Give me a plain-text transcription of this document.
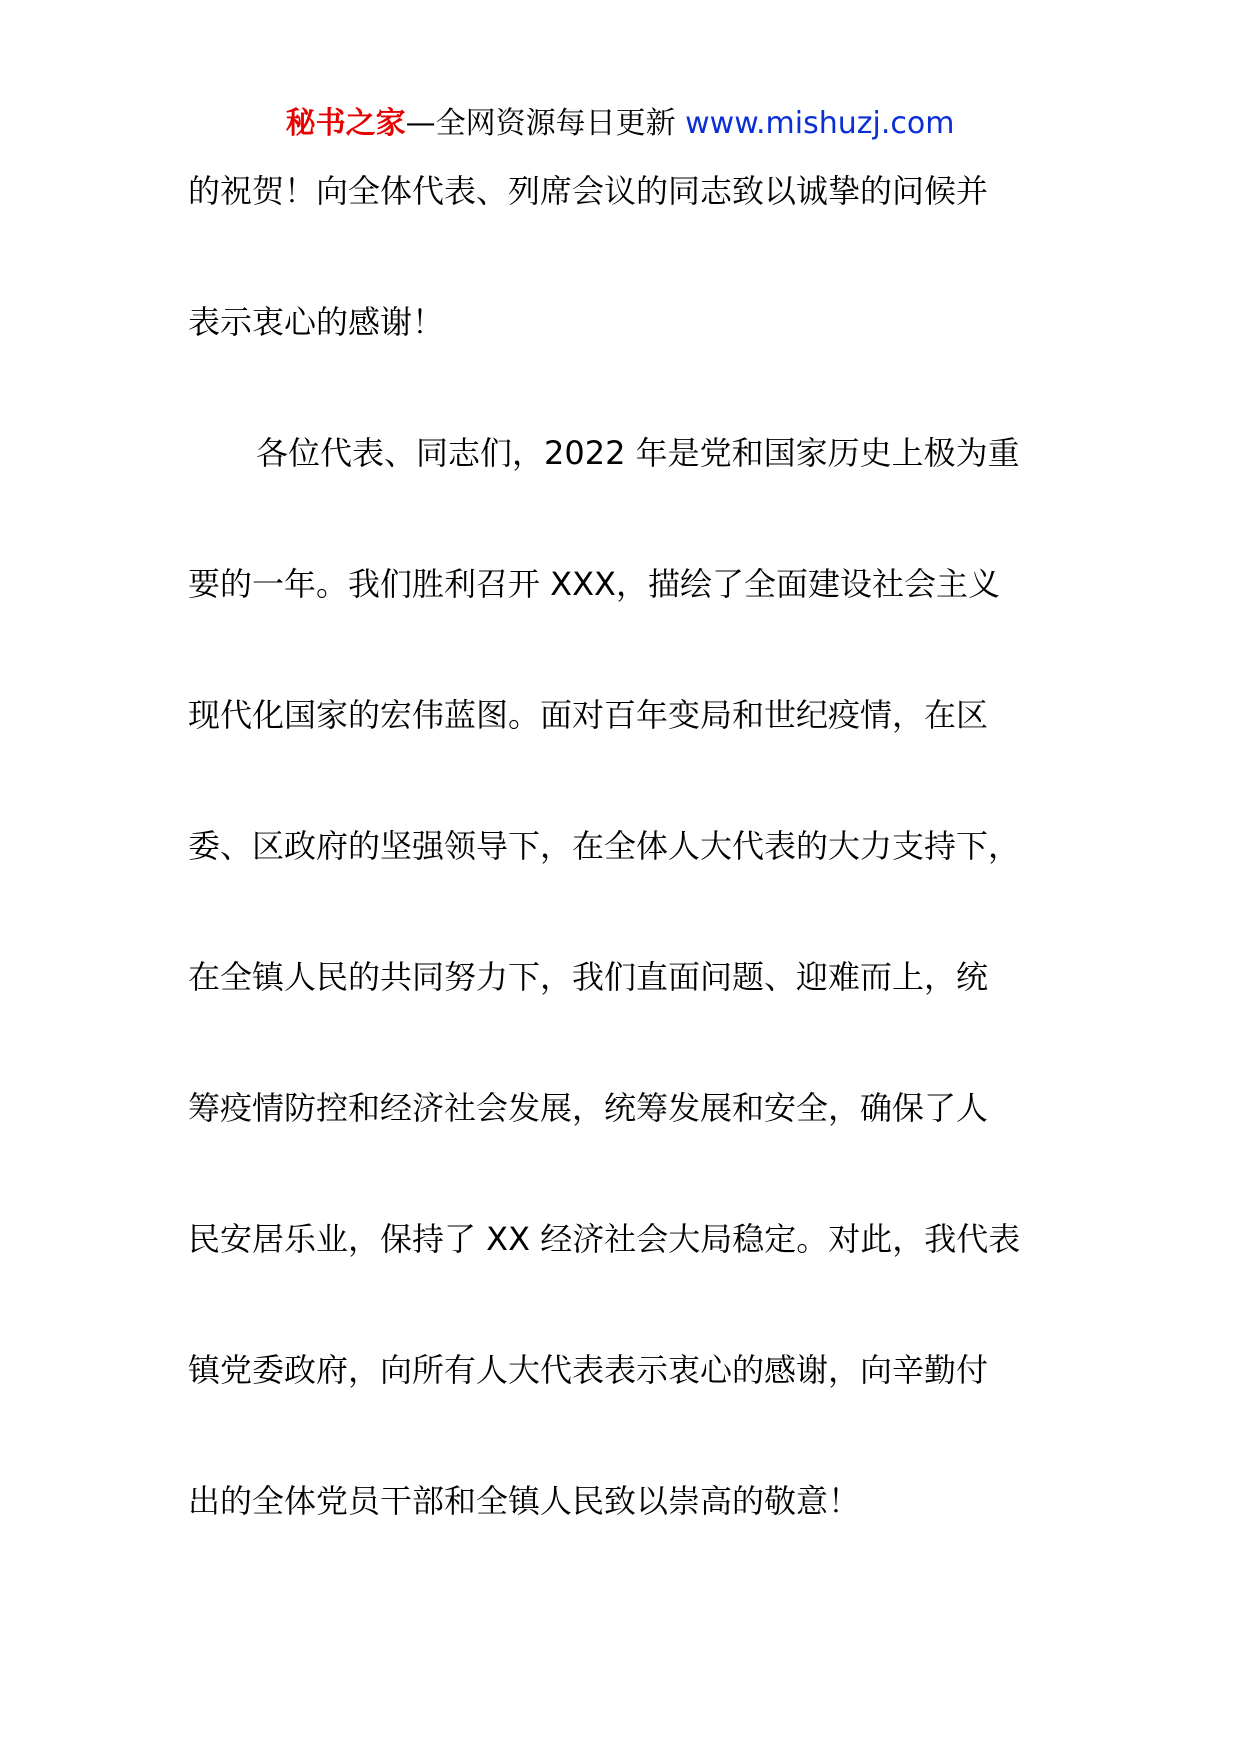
秘书之家—全网资源每日更新 www.mishuzj.com
的祝贺！向全体代表、列席会议的同志致以诚挚的问候并
表示衷心的感谢！
各位代表、同志们，2022 年是党和国家历史上极为重
要的一年。我们胜利召开 XXX，描绘了全面建设社会主义
现代化国家的宏伟蓝图。面对百年变局和世纪疫情，在区
委、区政府的坚强领导下，在全体人大代表的大力支持下，
在全镇人民的共同努力下，我们直面问题、迎难而上，统
筹疫情防控和经济社会发展，统筹发展和安全，确保了人
民安居乐业，保持了 XX 经济社会大局稳定。对此，我代表
镇党委政府，向所有人大代表表示衷心的感谢，向辛勤付
出的全体党员干部和全镇人民致以崇高的敬意！
